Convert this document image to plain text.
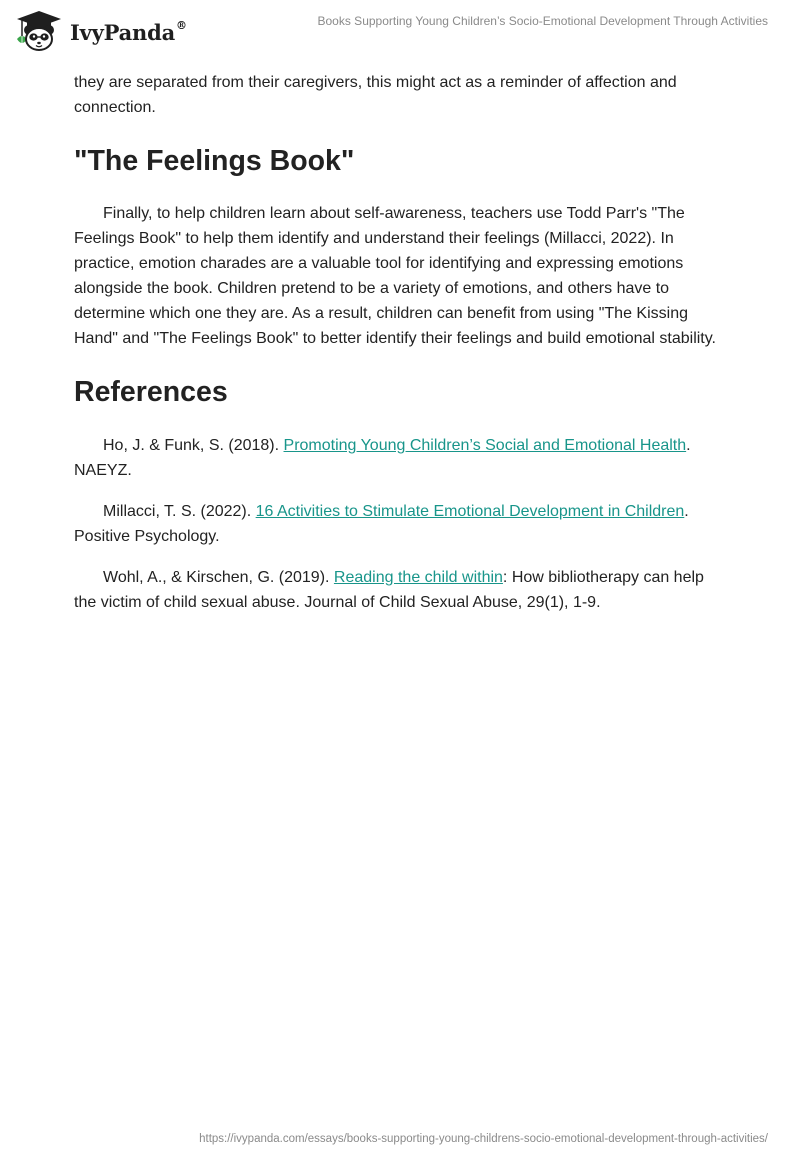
IvyPanda®	Books Supporting Young Children’s Socio-Emotional Development Through Activities

they are separated from their caregivers, this might act as a reminder of affection and connection.

"The Feelings Book"

Finally, to help children learn about self-awareness, teachers use Todd Parr's "The Feelings Book" to help them identify and understand their feelings (Millacci, 2022). In practice, emotion charades are a valuable tool for identifying and expressing emotions alongside the book. Children pretend to be a variety of emotions, and others have to determine which one they are. As a result, children can benefit from using "The Kissing Hand" and "The Feelings Book" to better identify their feelings and build emotional stability.

References

Ho, J. & Funk, S. (2018). Promoting Young Children’s Social and Emotional Health. NAEYZ.

Millacci, T. S. (2022). 16 Activities to Stimulate Emotional Development in Children. Positive Psychology.

Wohl, A., & Kirschen, G. (2019). Reading the child within: How bibliotherapy can help the victim of child sexual abuse. Journal of Child Sexual Abuse, 29(1), 1-9.

https://ivypanda.com/essays/books-supporting-young-childrens-socio-emotional-development-through-activities/
